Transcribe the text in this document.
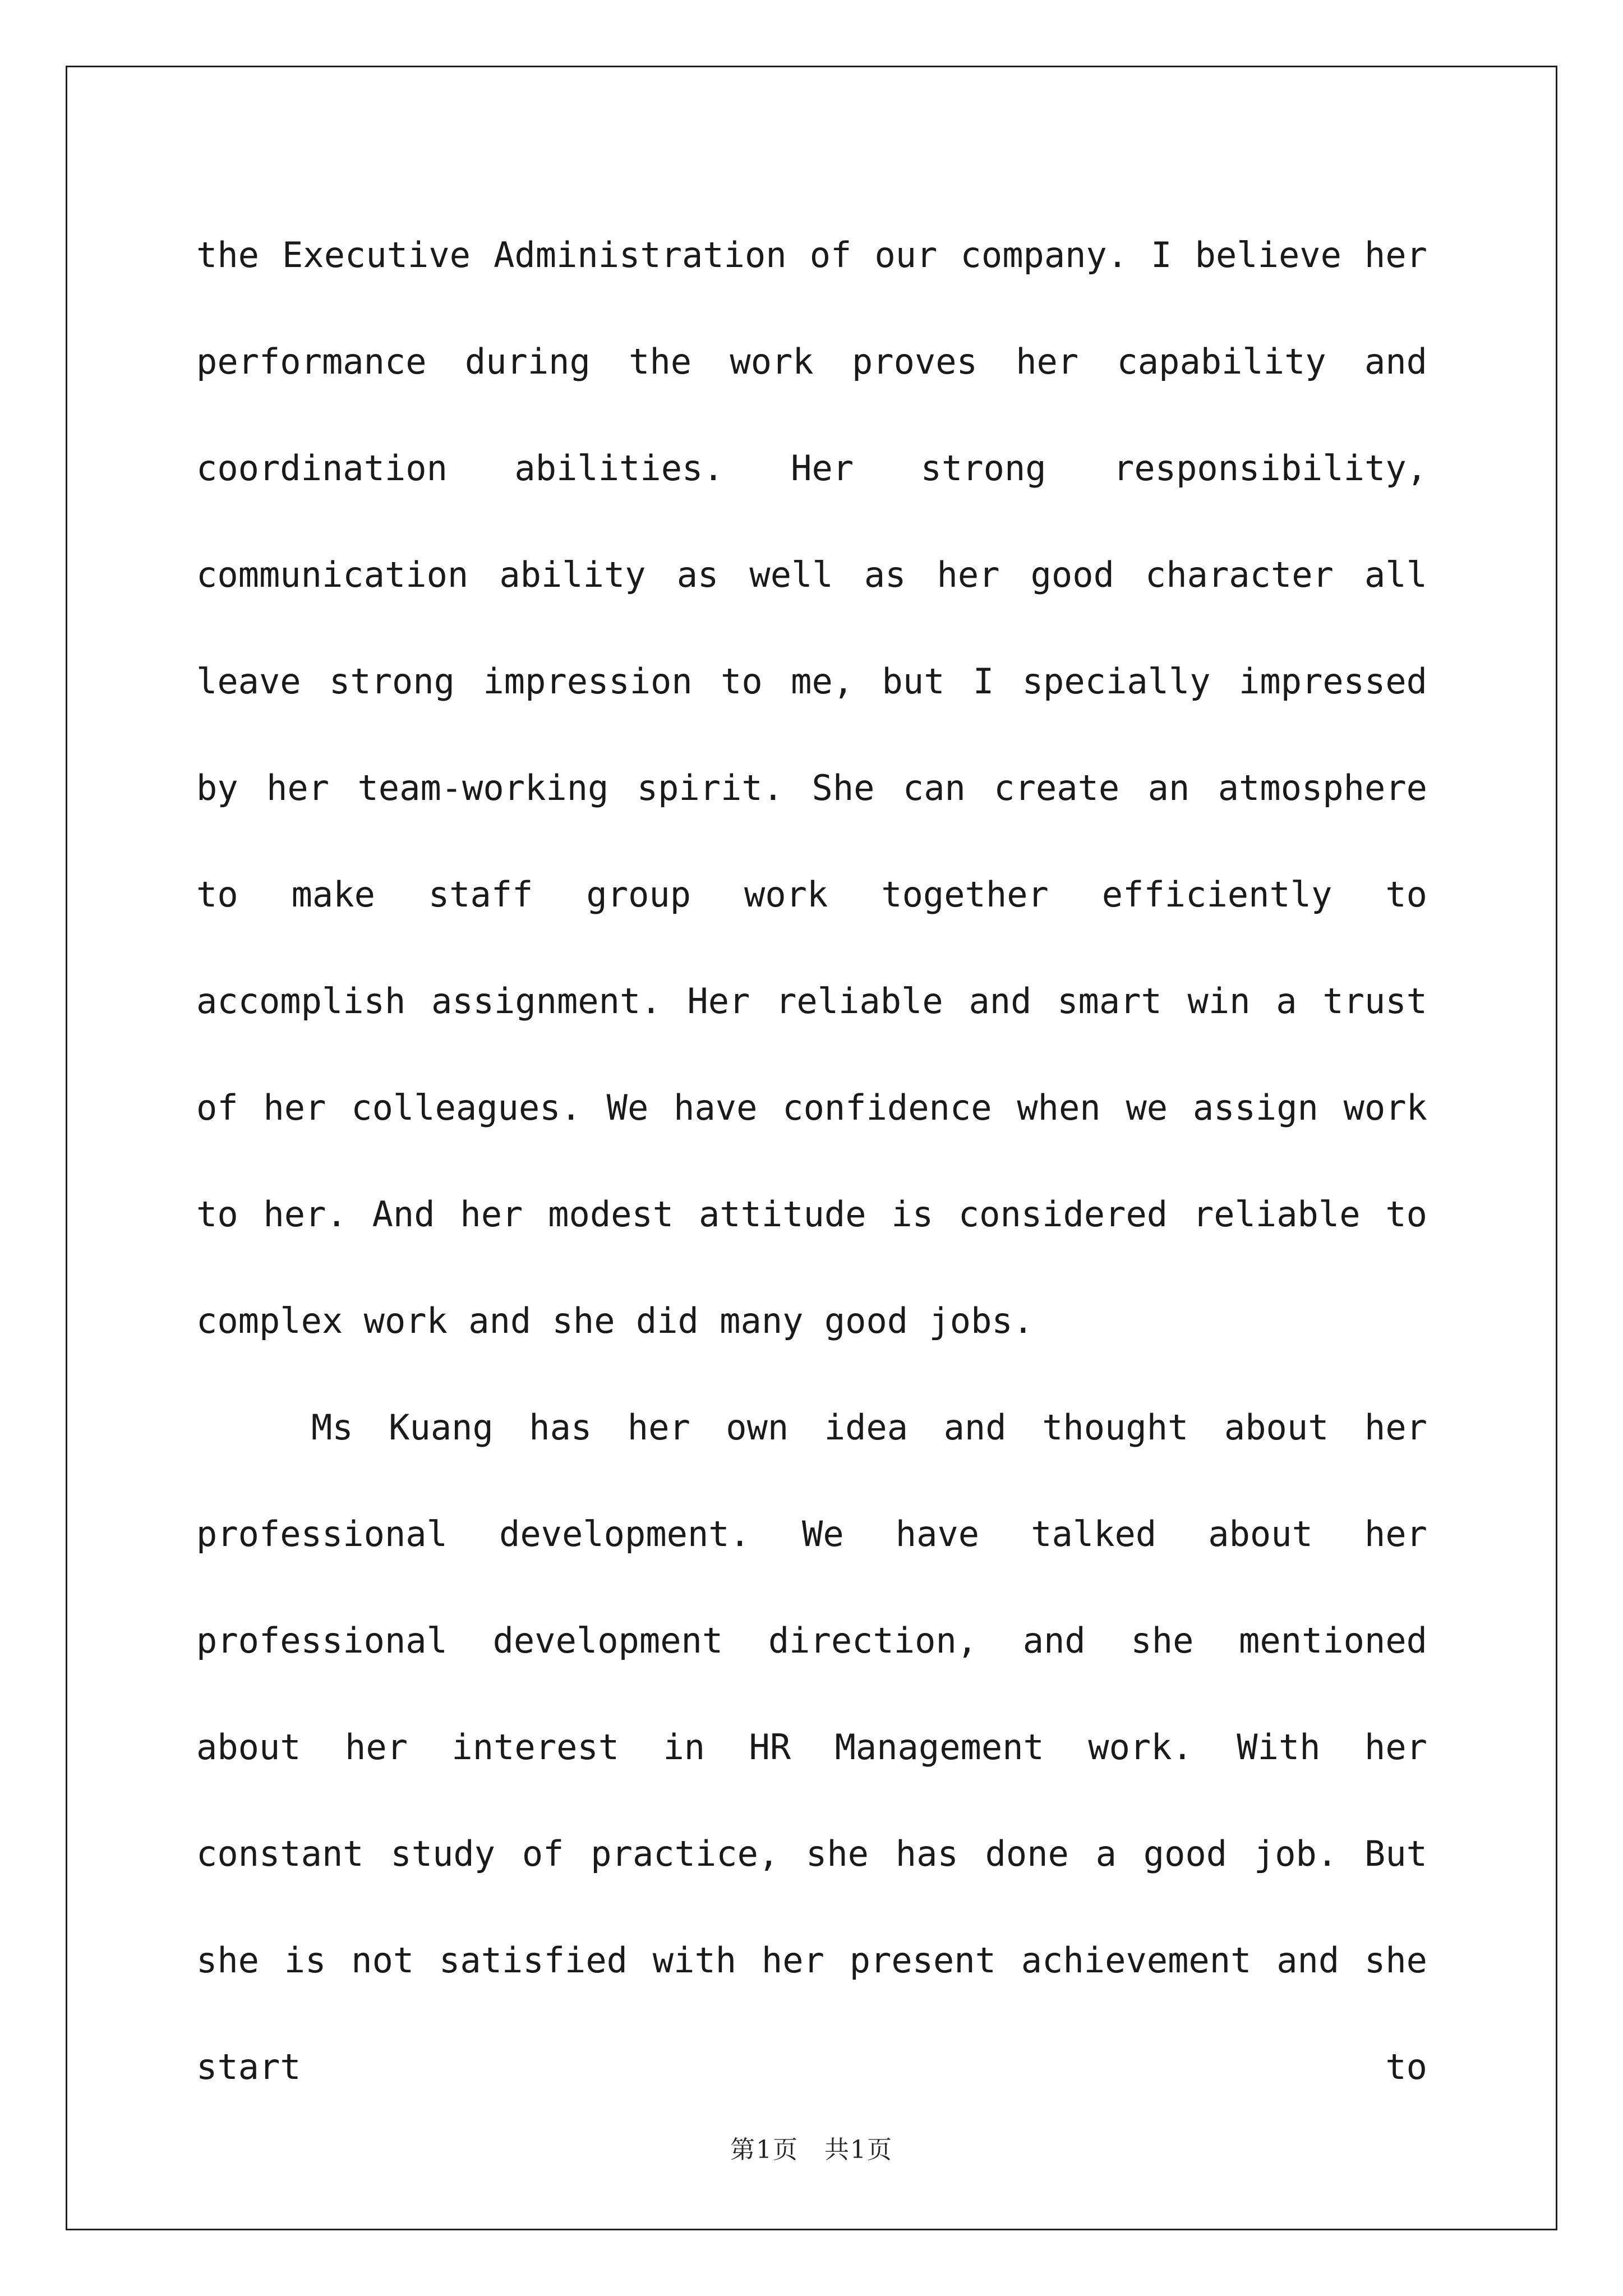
the Executive Administration of our company. I believe her performance during the work proves her capability and coordination abilities. Her strong responsibility, communication ability as well as her good character all leave strong impression to me, but I specially impressed by her team-working spirit. She can create an atmosphere to make staff group work together efficiently to accomplish assignment. Her reliable and smart win a trust of her colleagues. We have confidence when we assign work to her. And her modest attitude is considered reliable to complex work and she did many good jobs.

Ms Kuang has her own idea and thought about her professional development. We have talked about her professional development direction, and she mentioned about her interest in HR Management work. With her constant study of practice, she has done a good job. But she is not satisfied with her present achievement and she start to

第1页　共1页
